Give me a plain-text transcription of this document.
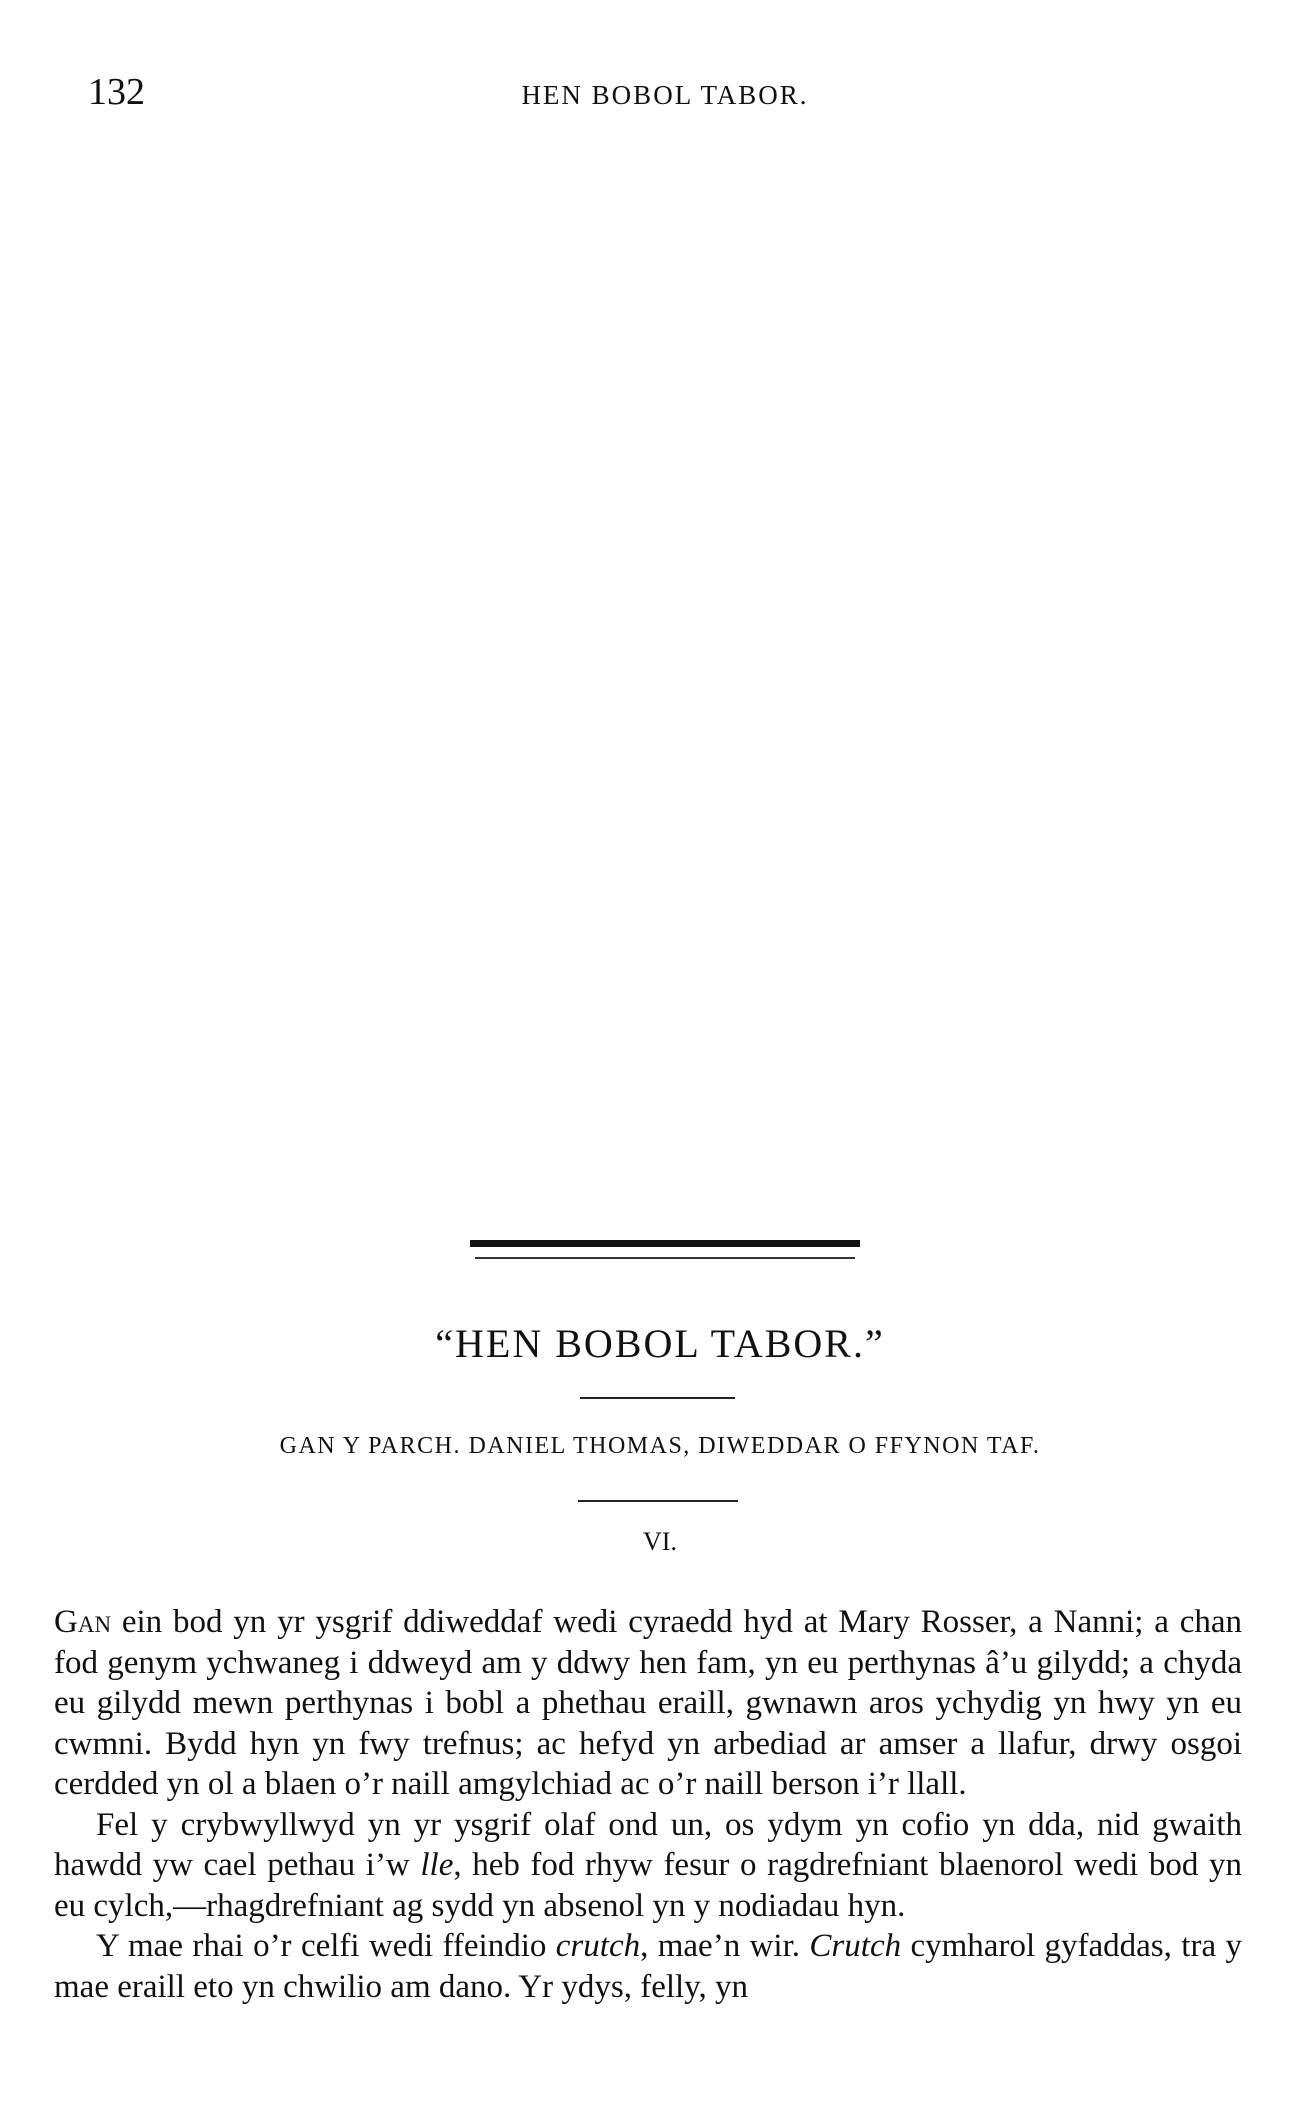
132	HEN BOBOL TABOR.
“HEN BOBOL TABOR.”
GAN Y PARCH. DANIEL THOMAS, DIWEDDAR O FFYNON TAF.
VI.

Gan ein bod yn yr ysgrif ddiweddaf wedi cyraedd hyd at Mary Rosser, a Nanni; a chan fod genym ychwaneg i ddweyd am y ddwy hen fam, yn eu perthynas â’u gilydd; a chyda eu gilydd mewn perthynas i bobl a phethau eraill, gwnawn aros ychydig yn hwy yn eu cwmni. Bydd hyn yn fwy trefnus; ac hefyd yn arbediad ar amser a llafur, drwy osgoi cerdded yn ol a blaen o’r naill amgylchiad ac o’r naill berson i’r llall.

Fel y crybwyllwyd yn yr ysgrif olaf ond un, os ydym yn cofio yn dda, nid gwaith hawdd yw cael pethau i’w lle, heb fod rhyw fesur o ragdrefniant blaenorol wedi bod yn eu cylch,—rhagdrefniant ag sydd yn absenol yn y nodiadau hyn.

Y mae rhai o’r celfi wedi ffeindio crutch, mae’n wir. Crutch cymharol gyfaddas, tra y mae eraill eto yn chwilio am dano. Yr ydys, felly, yn
